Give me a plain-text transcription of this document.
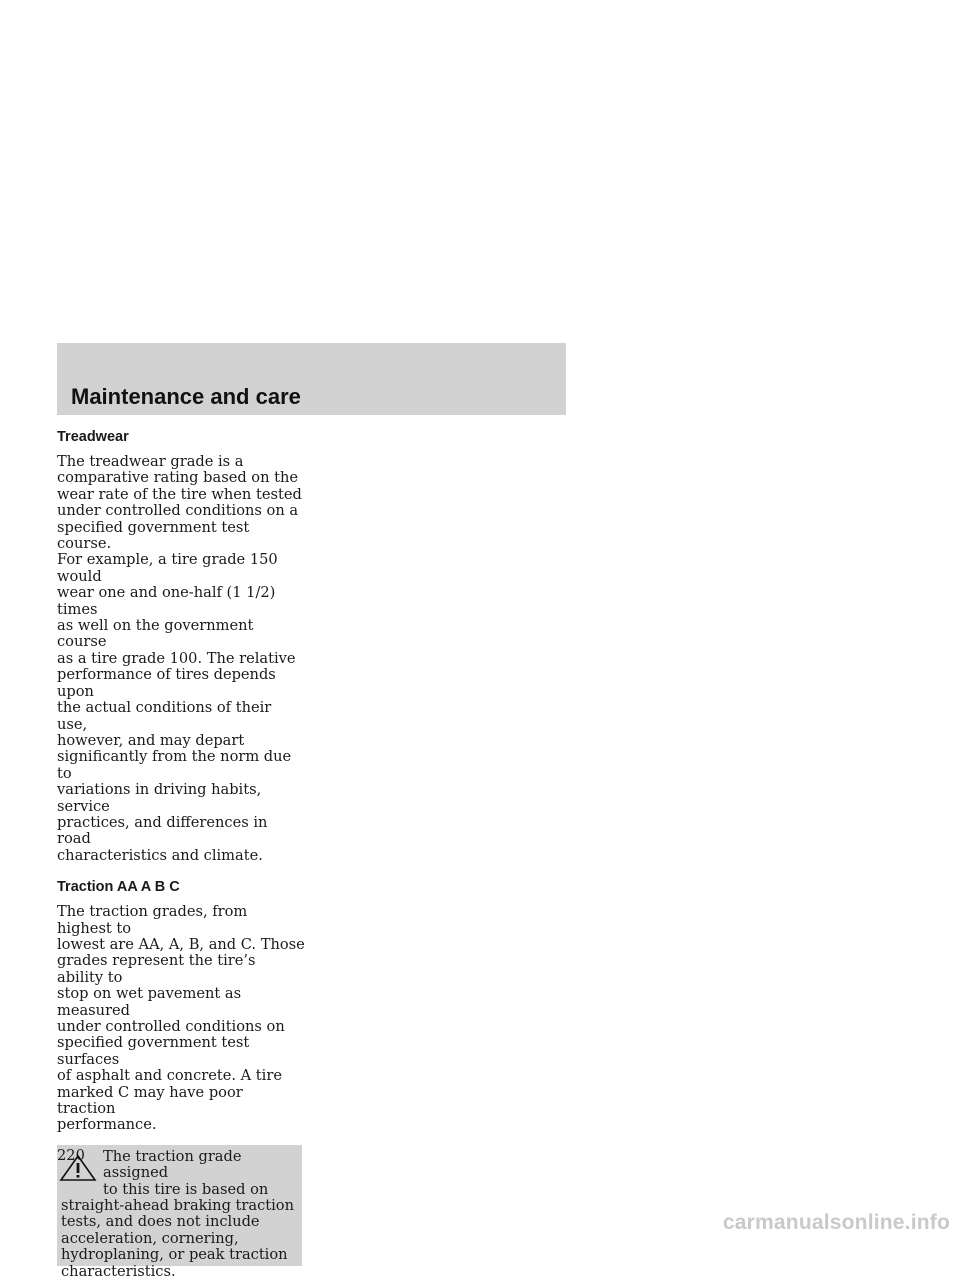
Maintenance and care
Treadwear

The treadwear grade is a
comparative rating based on the
wear rate of the tire when tested
under controlled conditions on a
specified government test course.
For example, a tire grade 150 would
wear one and one-half (1 1/2) times
as well on the government course
as a tire grade 100. The relative
performance of tires depends upon
the actual conditions of their use,
however, and may depart
significantly from the norm due to
variations in driving habits, service
practices, and differences in road
characteristics and climate.

Traction AA A B C

The traction grades, from highest to
lowest are AA, A, B, and C. Those
grades represent the tire’s ability to
stop on wet pavement as measured
under controlled conditions on
specified government test surfaces
of asphalt and concrete. A tire
marked C may have poor traction
performance.

The traction grade assigned
to this tire is based on
straight-ahead braking traction
tests, and does not include
acceleration, cornering,
hydroplaning, or peak traction
characteristics.

220
carmanualsonline.info
